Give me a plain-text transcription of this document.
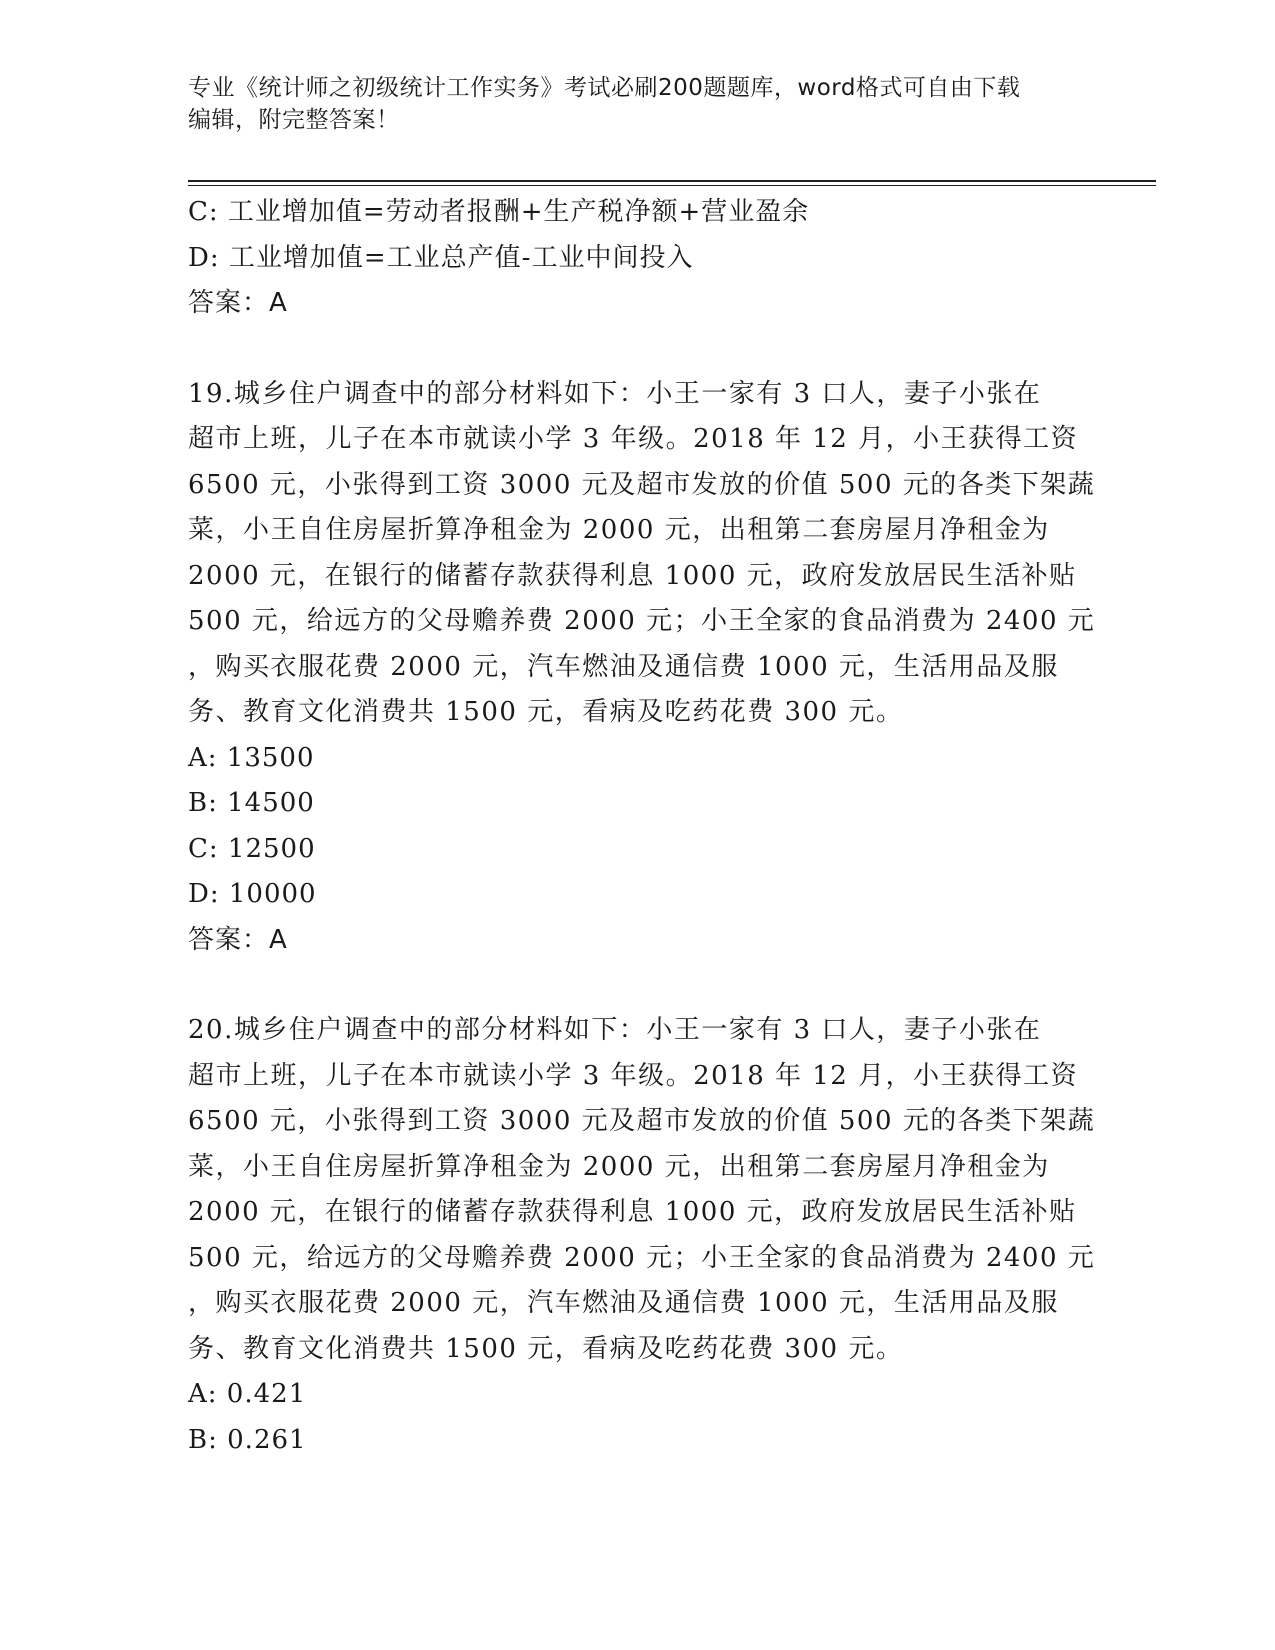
专业《统计师之初级统计工作实务》考试必刷200题题库，word格式可自由下载
编辑，附完整答案！
C: 工业增加值=劳动者报酬+生产税净额+营业盈余
D: 工业增加值=工业总产值-工业中间投入
答案：A
19.城乡住户调查中的部分材料如下：小王一家有 3 口人，妻子小张在
超市上班，儿子在本市就读小学 3 年级。2018 年 12 月，小王获得工资
6500 元，小张得到工资 3000 元及超市发放的价值 500 元的各类下架蔬
菜，小王自住房屋折算净租金为 2000 元，出租第二套房屋月净租金为
2000 元，在银行的储蓄存款获得利息 1000 元，政府发放居民生活补贴
500 元，给远方的父母赡养费 2000 元；小王全家的食品消费为 2400 元
，购买衣服花费 2000 元，汽车燃油及通信费 1000 元，生活用品及服
务、教育文化消费共 1500 元，看病及吃药花费 300 元。
A: 13500
B: 14500
C: 12500
D: 10000
答案：A
20.城乡住户调查中的部分材料如下：小王一家有 3 口人，妻子小张在
超市上班，儿子在本市就读小学 3 年级。2018 年 12 月，小王获得工资
6500 元，小张得到工资 3000 元及超市发放的价值 500 元的各类下架蔬
菜，小王自住房屋折算净租金为 2000 元，出租第二套房屋月净租金为
2000 元，在银行的储蓄存款获得利息 1000 元，政府发放居民生活补贴
500 元，给远方的父母赡养费 2000 元；小王全家的食品消费为 2400 元
，购买衣服花费 2000 元，汽车燃油及通信费 1000 元，生活用品及服
务、教育文化消费共 1500 元，看病及吃药花费 300 元。
A: 0.421
B: 0.261
